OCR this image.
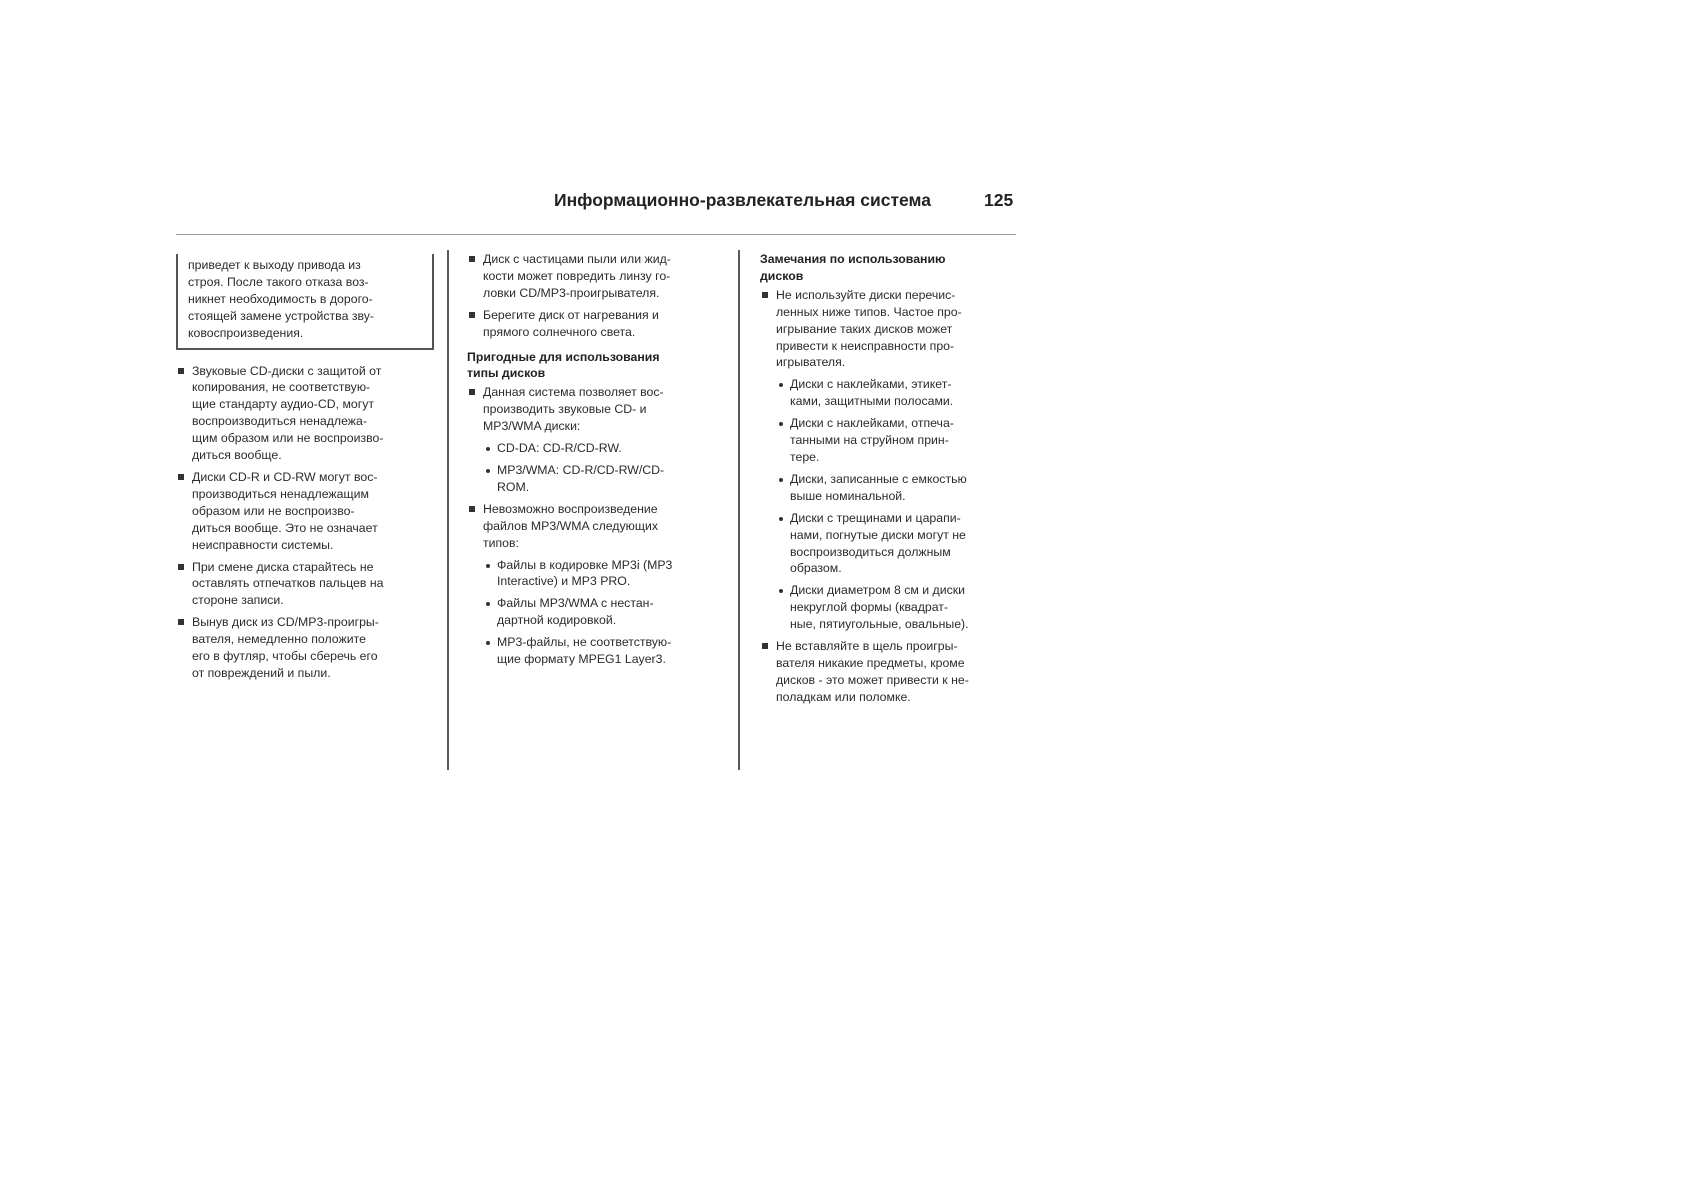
Информационно-развлекательная система	125
приведет к выходу привода из
строя. После такого отказа воз-
никнет необходимость в дорого-
стоящей замене устройства зву-
ковоспроизведения.
Звуковые CD-диски с защитой от
копирования, не соответствую-
щие стандарту аудио-CD, могут
воспроизводиться ненадлежа-
щим образом или не воспроизво-
диться вообще.
Диски CD-R и CD-RW могут вос-
производиться ненадлежащим
образом или не воспроизво-
диться вообще. Это не означает
неисправности системы.
При смене диска старайтесь не
оставлять отпечатков пальцев на
стороне записи.
Вынув диск из CD/MP3-проигры-
вателя, немедленно положите
его в футляр, чтобы сберечь его
от повреждений и пыли.
Диск с частицами пыли или жид-
кости может повредить линзу го-
ловки CD/MP3-проигрывателя.
Берегите диск от нагревания и
прямого солнечного света.
Пригодные для использования
типы дисков
Данная система позволяет вос-
производить звуковые CD- и
MP3/WMA диски:
CD-DA: CD-R/CD-RW.
MP3/WMA: CD-R/CD-RW/CD-
ROM.
Невозможно воспроизведение
файлов MP3/WMA следующих
типов:
Файлы в кодировке MP3i (MP3
Interactive) и MP3 PRO.
Файлы MP3/WMA с нестан-
дартной кодировкой.
MP3-файлы, не соответствую-
щие формату MPEG1 Layer3.
Замечания по использованию
дисков
Не используйте диски перечис-
ленных ниже типов. Частое про-
игрывание таких дисков может
привести к неисправности про-
игрывателя.
Диски с наклейками, этикет-
ками, защитными полосами.
Диски с наклейками, отпеча-
танными на струйном прин-
тере.
Диски, записанные с емкостью
выше номинальной.
Диски с трещинами и царапи-
нами, погнутые диски могут не
воспроизводиться должным
образом.
Диски диаметром 8 см и диски
некруглой формы (квадрат-
ные, пятиугольные, овальные).
Не вставляйте в щель проигры-
вателя никакие предметы, кроме
дисков - это может привести к не-
поладкам или поломке.
